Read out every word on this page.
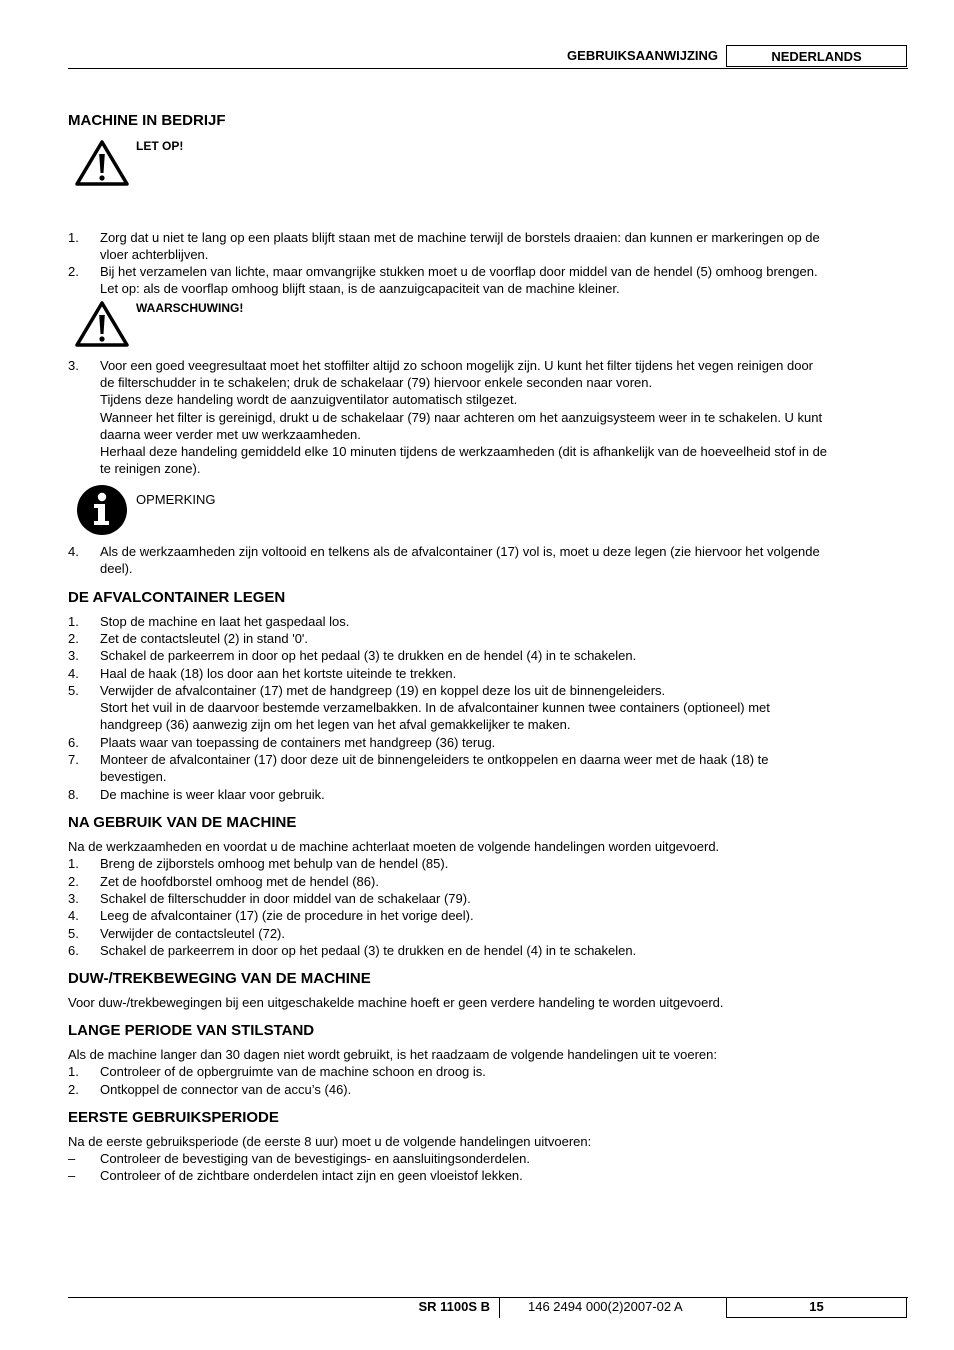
GEBRUIKSAANWIJZING	NEDERLANDS
MACHINE IN BEDRIJF
LET OP!
1. Zorg dat u niet te lang op een plaats blijft staan met de machine terwijl de borstels draaien: dan kunnen er markeringen op de
vloer achterblijven.
2. Bij het verzamelen van lichte, maar omvangrijke stukken moet u de voorflap door middel van de hendel (5) omhoog brengen.
Let op: als de voorflap omhoog blijft staan, is de aanzuigcapaciteit van de machine kleiner.
WAARSCHUWING!
3. Voor een goed veegresultaat moet het stoffilter altijd zo schoon mogelijk zijn. U kunt het filter tijdens het vegen reinigen door
de filterschudder in te schakelen; druk de schakelaar (79) hiervoor enkele seconden naar voren.
Tijdens deze handeling wordt de aanzuigventilator automatisch stilgezet.
Wanneer het filter is gereinigd, drukt u de schakelaar (79) naar achteren om het aanzuigsysteem weer in te schakelen. U kunt
daarna weer verder met uw werkzaamheden.
Herhaal deze handeling gemiddeld elke 10 minuten tijdens de werkzaamheden (dit is afhankelijk van de hoeveelheid stof in de
te reinigen zone).
OPMERKING
4. Als de werkzaamheden zijn voltooid en telkens als de afvalcontainer (17) vol is, moet u deze legen (zie hiervoor het volgende
deel).
DE AFVALCONTAINER LEGEN
1. Stop de machine en laat het gaspedaal los.
2. Zet de contactsleutel (2) in stand '0'.
3. Schakel de parkeerrem in door op het pedaal (3) te drukken en de hendel (4) in te schakelen.
4. Haal de haak (18) los door aan het kortste uiteinde te trekken.
5. Verwijder de afvalcontainer (17) met de handgreep (19) en koppel deze los uit de binnengeleiders.
Stort het vuil in de daarvoor bestemde verzamelbakken. In de afvalcontainer kunnen twee containers (optioneel) met
handgreep (36) aanwezig zijn om het legen van het afval gemakkelijker te maken.
6. Plaats waar van toepassing de containers met handgreep (36) terug.
7. Monteer de afvalcontainer (17) door deze uit de binnengeleiders te ontkoppelen en daarna weer met de haak (18) te
bevestigen.
8. De machine is weer klaar voor gebruik.
NA GEBRUIK VAN DE MACHINE
Na de werkzaamheden en voordat u de machine achterlaat moeten de volgende handelingen worden uitgevoerd.
1. Breng de zijborstels omhoog met behulp van de hendel (85).
2. Zet de hoofdborstel omhoog met de hendel (86).
3. Schakel de filterschudder in door middel van de schakelaar (79).
4. Leeg de afvalcontainer (17) (zie de procedure in het vorige deel).
5. Verwijder de contactsleutel (72).
6. Schakel de parkeerrem in door op het pedaal (3) te drukken en de hendel (4) in te schakelen.
DUW-/TREKBEWEGING VAN DE MACHINE
Voor duw-/trekbewegingen bij een uitgeschakelde machine hoeft er geen verdere handeling te worden uitgevoerd.
LANGE PERIODE VAN STILSTAND
Als de machine langer dan 30 dagen niet wordt gebruikt, is het raadzaam de volgende handelingen uit te voeren:
1. Controleer of de opbergruimte van de machine schoon en droog is.
2. Ontkoppel de connector van de accu’s (46).
EERSTE GEBRUIKSPERIODE
Na de eerste gebruiksperiode (de eerste 8 uur) moet u de volgende handelingen uitvoeren:
– Controleer de bevestiging van de bevestigings- en aansluitingsonderdelen.
– Controleer of de zichtbare onderdelen intact zijn en geen vloeistof lekken.
SR 1100S B	146 2494 000(2)2007-02 A	15
